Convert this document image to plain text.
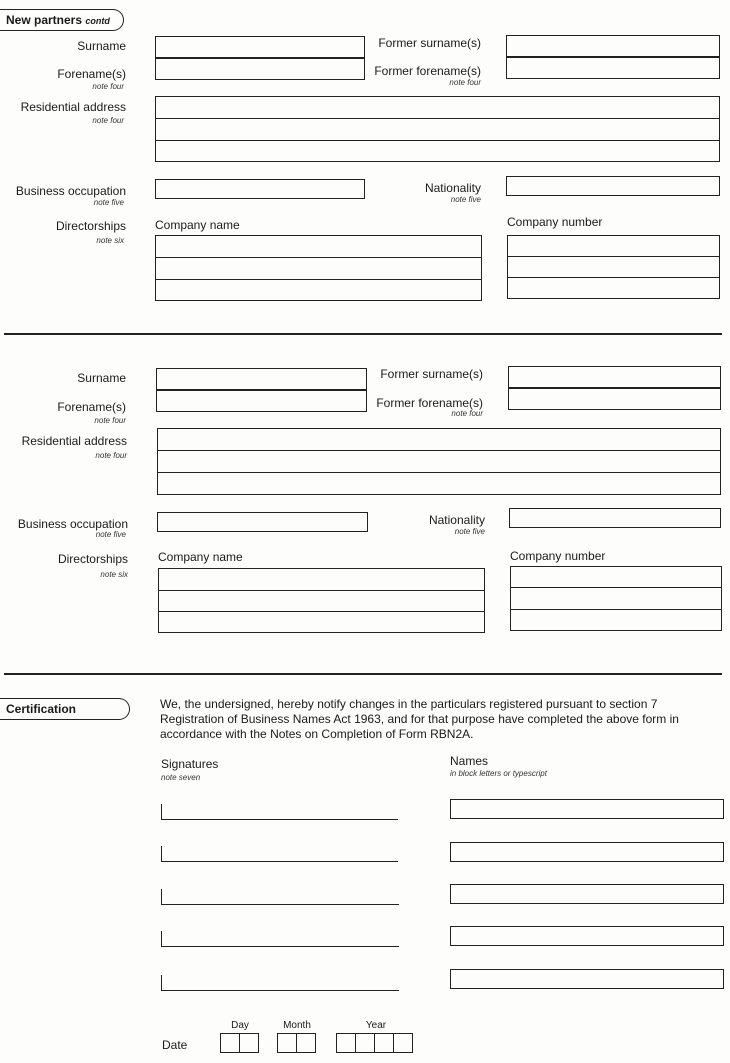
New partners contd
Surname
Forename(s)
note four
Former surname(s)
Former forename(s)
note four
Residential address
note four
Business occupation
note five
Nationality
note five
Directorships
note six
Company name	Company number
Surname
Forename(s)
note four
Former surname(s)
Former forename(s)
note four
Residential address
note four
Business occupation
note five
Nationality
note five
Directorships
note six
Company name	Company number
Certification	We, the undersigned, hereby notify changes in the particulars registered pursuant to section 7
Registration of Business Names Act 1963, and for that purpose have completed the above form in
accordance with the Notes on Completion of Form RBN2A.
Signatures
note seven
Names
in block letters or typescript
Date
Day	Month	Year
